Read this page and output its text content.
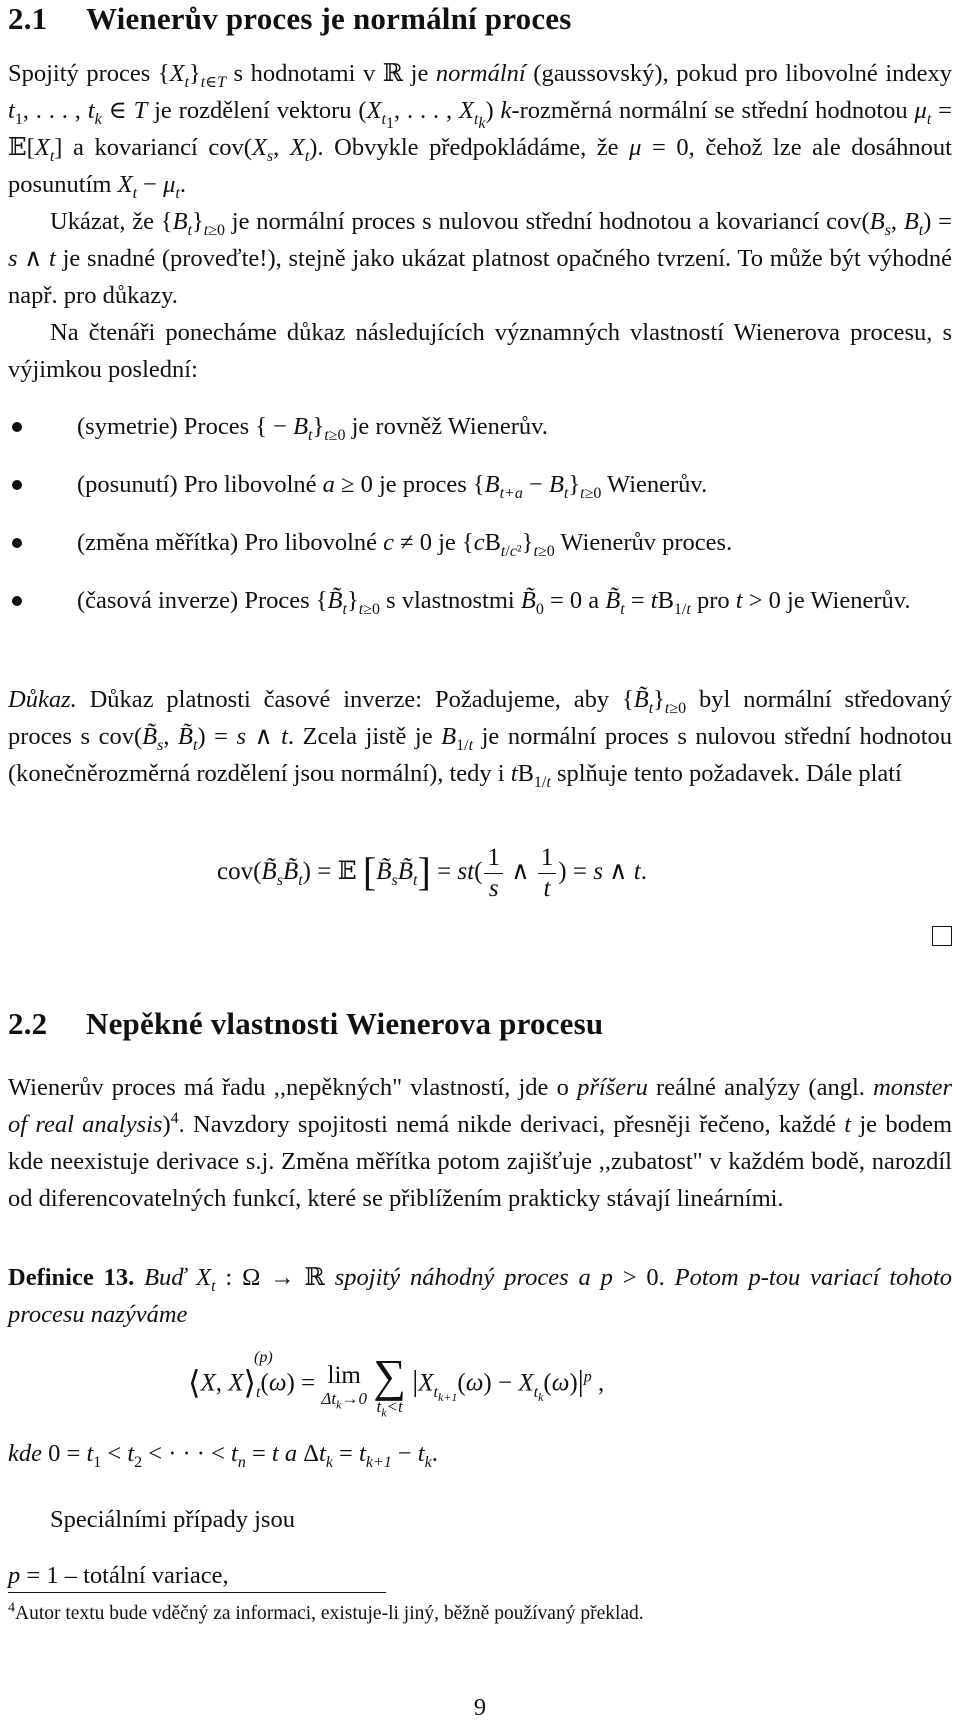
2.1 Wienerův proces je normální proces

Spojitý proces $\{X_t\}_{t\in T}$ s hodnotami v ℝ je normální (gaussovský), pokud pro libovolné indexy $t_1$, . . . , $t_k$ ∈ T je rozdělení vektoru ($X_{t_1}$, . . . , $X_{t_k}$) k-rozměrná normální se střední hodnotou $\mu_t$ = $𝔼[X_t]$ a kovariancí $cov(X_s$, $X_t$). Obvykle předpokládáme, že μ = 0, čehož lze ale dosáhnout posunutím $X_t - \mu_t$.

Ukázat, že $\{B_t\}_{t\ge 0}$ je normální proces s nulovou střední hodnotou a kovariancí $cov(B_s$, $B_t) = s$ ∧ t je snadné (proveďte!), stejně jako ukázat platnost opačného tvrzení. To může být výhodné např. pro důkazy.

Na čtenáři ponecháme důkaz následujících významných vlastností Wienerova procesu, s výjimkou poslední:

(symetrie) Proces { − $B_t\}_{t\ge 0}$ je rovněž Wienerův.
(posunutí) Pro libovolné a ≥ 0 je proces $\{B_{t+a} - B_t\}_{t\ge 0}$ Wienerův.
(změna měřítka) Pro libovolné c ≠ 0 je $\{cB_{t/c^2}\}_{t\ge 0}$ Wienerův proces.
(časová inverze) Proces $\{B̃_t\}_{t\ge 0}$ s vlastnostmi $B̃_0 = 0$ a $B̃_t = tB_{1/t}$ pro t > 0 je Wienerův.

Důkaz. Důkaz platnosti časové inverze: Požadujeme, aby $\{B̃_t\}_{t\ge 0}$ byl normální středovaný proces s $cov(B̃_s$, $B̃_t) = s$ ∧ t. Zcela jistě je $B_{1/t}$ je normální proces s nulovou střední hodnotou (konečněrozměrná rozdělení jsou normální), tedy i $tB_{1/t}$ splňuje tento požadavek. Dále platí

$cov(B̃_sB̃_t)$ = 𝔼 $[B̃_sB̃_t] = st( \frac{1}{s}$ ∧ $\frac{1}{t}$ ) = s ∧ t.
2.2 Nepěkné vlastnosti Wienerova procesu

Wienerův proces má řadu ,,nepěkných" vlastností, jde o příšeru reálné analýzy (angl. monster of real analysis)$^4$. Navzdory spojitosti nemá nikde derivaci, přesněji řečeno, každé t je bodem kde neexistuje derivace s.j. Změna měřítka potom zajišťuje ,,zubatost" v každém bodě, narozdíl od diferencovatelných funkcí, které se přiblížením prakticky stávají lineárními.

Definice 13. Buď $X_t$ : Ω → ℝ spojitý náhodný proces a p > 0. Potom p-tou variací tohoto procesu nazýváme

⟨X, $X⟩_{t (p)}$
(ω) = lim
$\Delta t_k\to 0$
∑
$t_k<t$
$|X_{t_{k+1}}(\omega) - X_{t_k}(\omega)|^p$ ,

kde $0 = t_1 < t_2$ < · · · < $t_n = t$ a $\Delta t_k = t_{k+1} - t_k$.

Speciálními případy jsou

p = 1 – totální variace,

$^4$Autor textu bude vděčný za informaci, existuje-li jiný, běžně používaný překlad.
9
